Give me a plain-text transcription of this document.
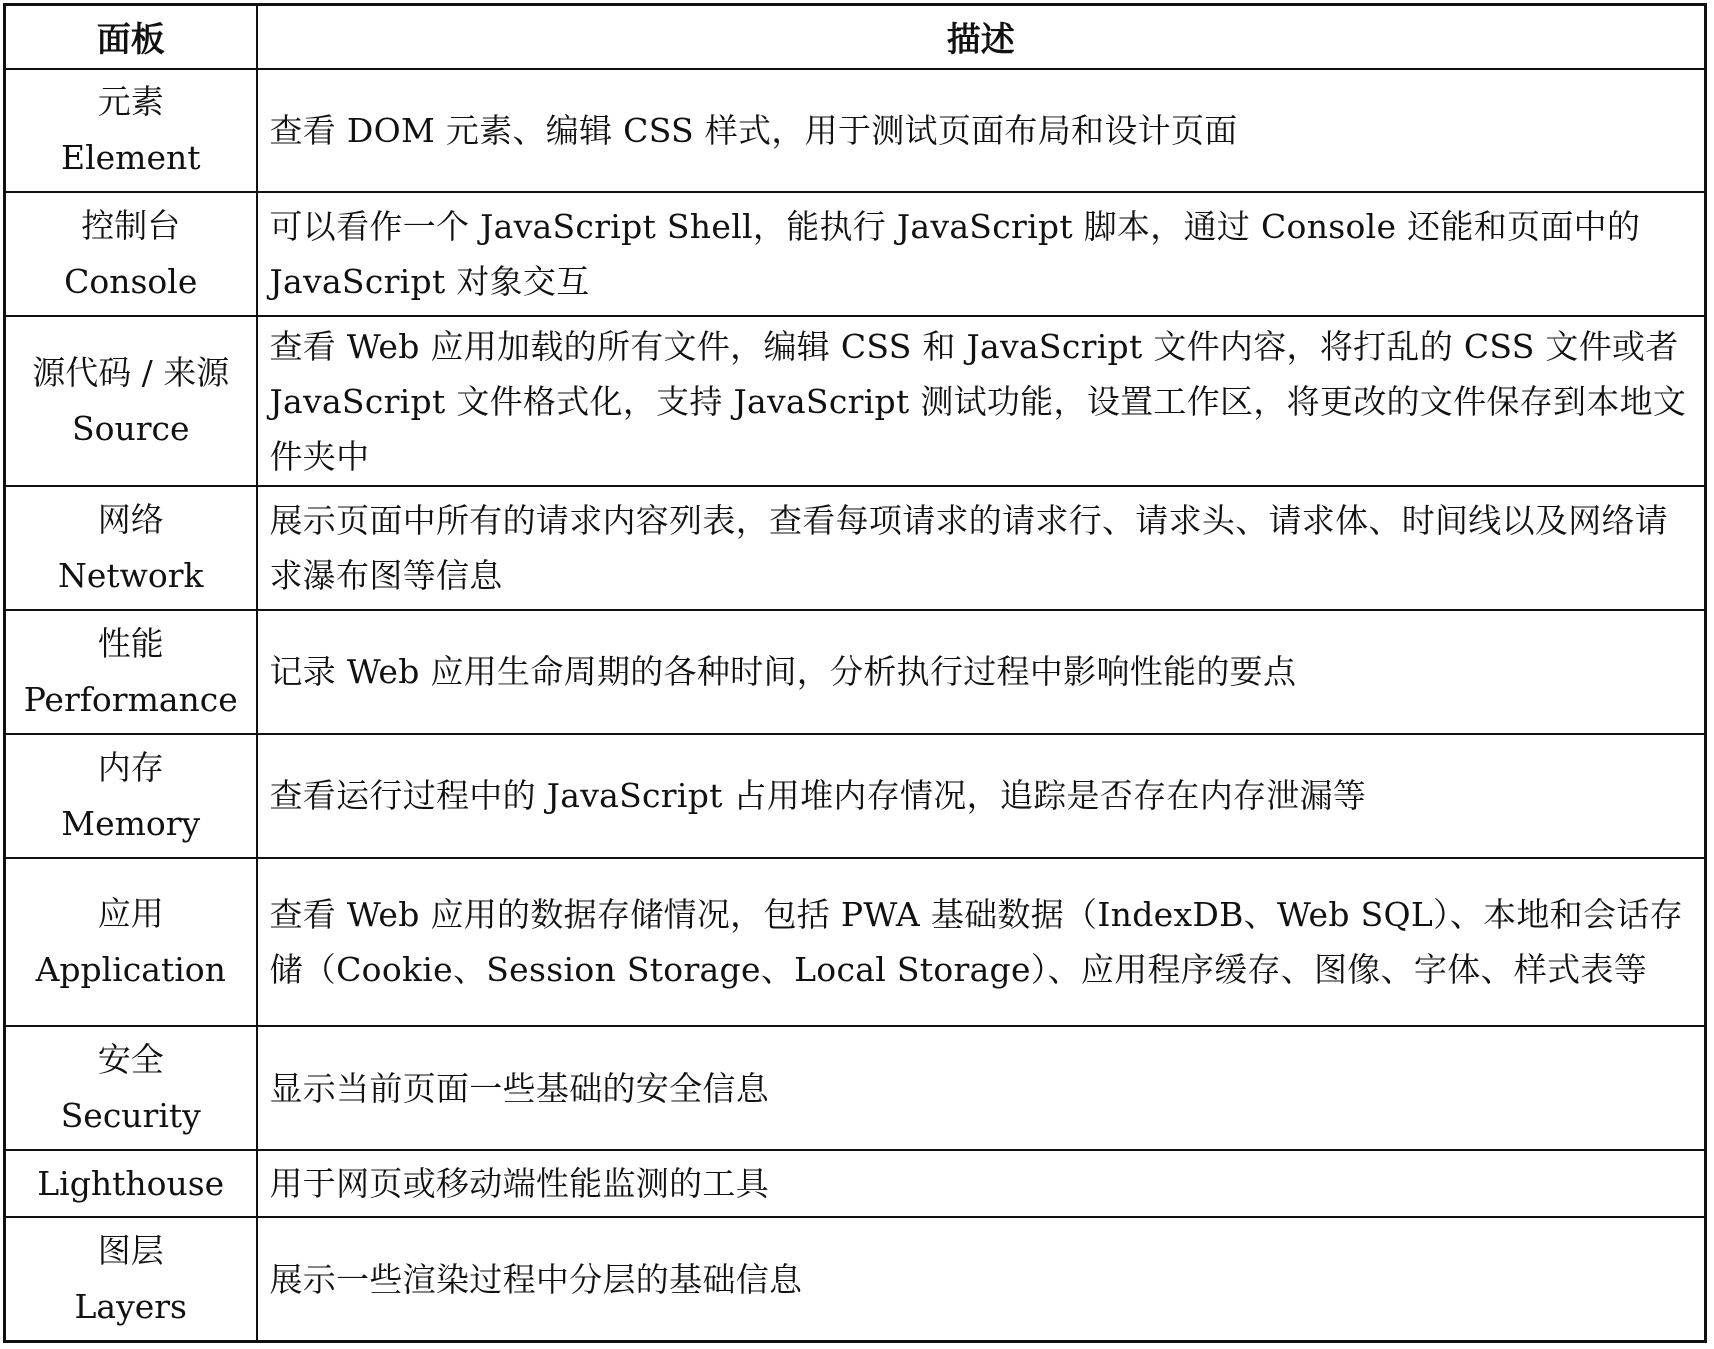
面板	描述

元素
Element	查看 DOM 元素、编辑 CSS 样式，用于测试页面布局和设计页面

控制台
Console	可以看作一个 JavaScript Shell，能执行 JavaScript 脚本，通过 Console 还能和页面中的 JavaScript 对象交互

源代码 / 来源
Source	查看 Web 应用加载的所有文件，编辑 CSS 和 JavaScript 文件内容，将打乱的 CSS 文件或者 JavaScript 文件格式化，支持 JavaScript 测试功能，设置工作区，将更改的文件保存到本地文件夹中

网络
Network	展示页面中所有的请求内容列表，查看每项请求的请求行、请求头、请求体、时间线以及网络请求瀑布图等信息

性能
Performance	记录 Web 应用生命周期的各种时间，分析执行过程中影响性能的要点

内存
Memory	查看运行过程中的 JavaScript 占用堆内存情况，追踪是否存在内存泄漏等

应用
Application	查看 Web 应用的数据存储情况，包括 PWA 基础数据（IndexDB、Web SQL）、本地和会话存储（Cookie、Session Storage、Local Storage）、应用程序缓存、图像、字体、样式表等

安全
Security	显示当前页面一些基础的安全信息

Lighthouse	用于网页或移动端性能监测的工具

图层
Layers	展示一些渲染过程中分层的基础信息
